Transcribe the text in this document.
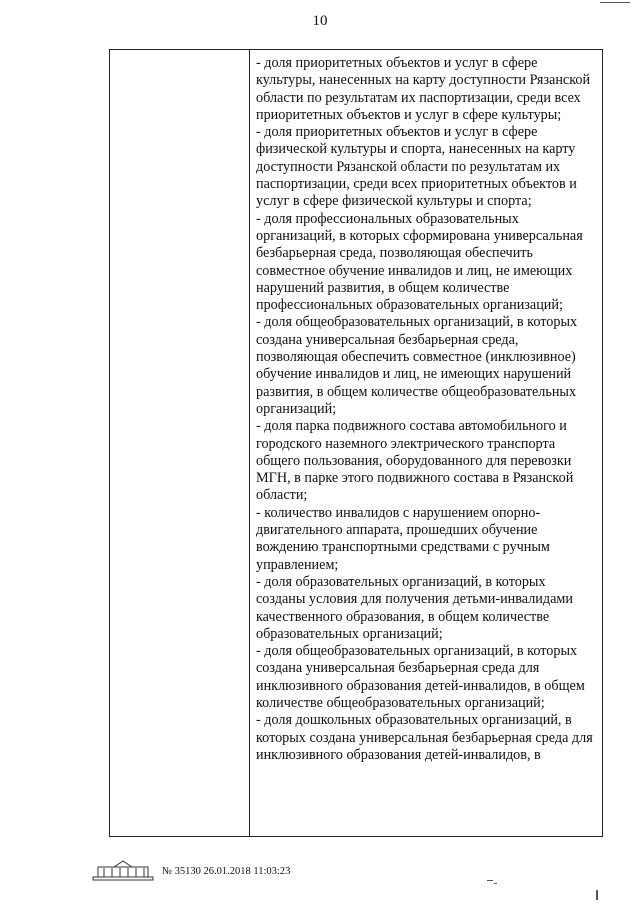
10

- доля приоритетных объектов и услуг в сфере культуры, нанесенных на карту доступности Рязанской области по результатам их паспортизации, среди всех приоритетных объектов и услуг в сфере культуры;

- доля приоритетных объектов и услуг в сфере физической культуры и спорта, нанесенных на карту доступности Рязанской области по результатам их паспортизации, среди всех приоритетных объектов и услуг в сфере физической культуры и спорта;

- доля профессиональных образовательных организаций, в которых сформирована универсальная безбарьерная среда, позволяющая обеспечить совместное обучение инвалидов и лиц, не имеющих нарушений развития, в общем количестве профессиональных образовательных организаций;

- доля общеобразовательных организаций, в которых создана универсальная безбарьерная среда, позволяющая обеспечить совместное (инклюзивное) обучение инвалидов и лиц, не имеющих нарушений развития, в общем количестве общеобразовательных организаций;

- доля парка подвижного состава автомобильного и городского наземного электрического транспорта общего пользования, оборудованного для перевозки МГН, в парке этого подвижного состава в Рязанской области;

- количество инвалидов с нарушением опорно-двигательного аппарата, прошедших обучение вождению транспортными средствами с ручным управлением;

- доля образовательных организаций, в которых созданы условия для получения детьми-инвалидами качественного образования, в общем количестве образовательных организаций;

- доля общеобразовательных организаций, в которых создана универсальная безбарьерная среда для инклюзивного образования детей-инвалидов, в общем количестве общеобразовательных организаций;

- доля дошкольных образовательных организаций, в которых создана универсальная безбарьерная среда для инклюзивного образования детей-инвалидов, в

№ 35130 26.01.2018 11:03:23
